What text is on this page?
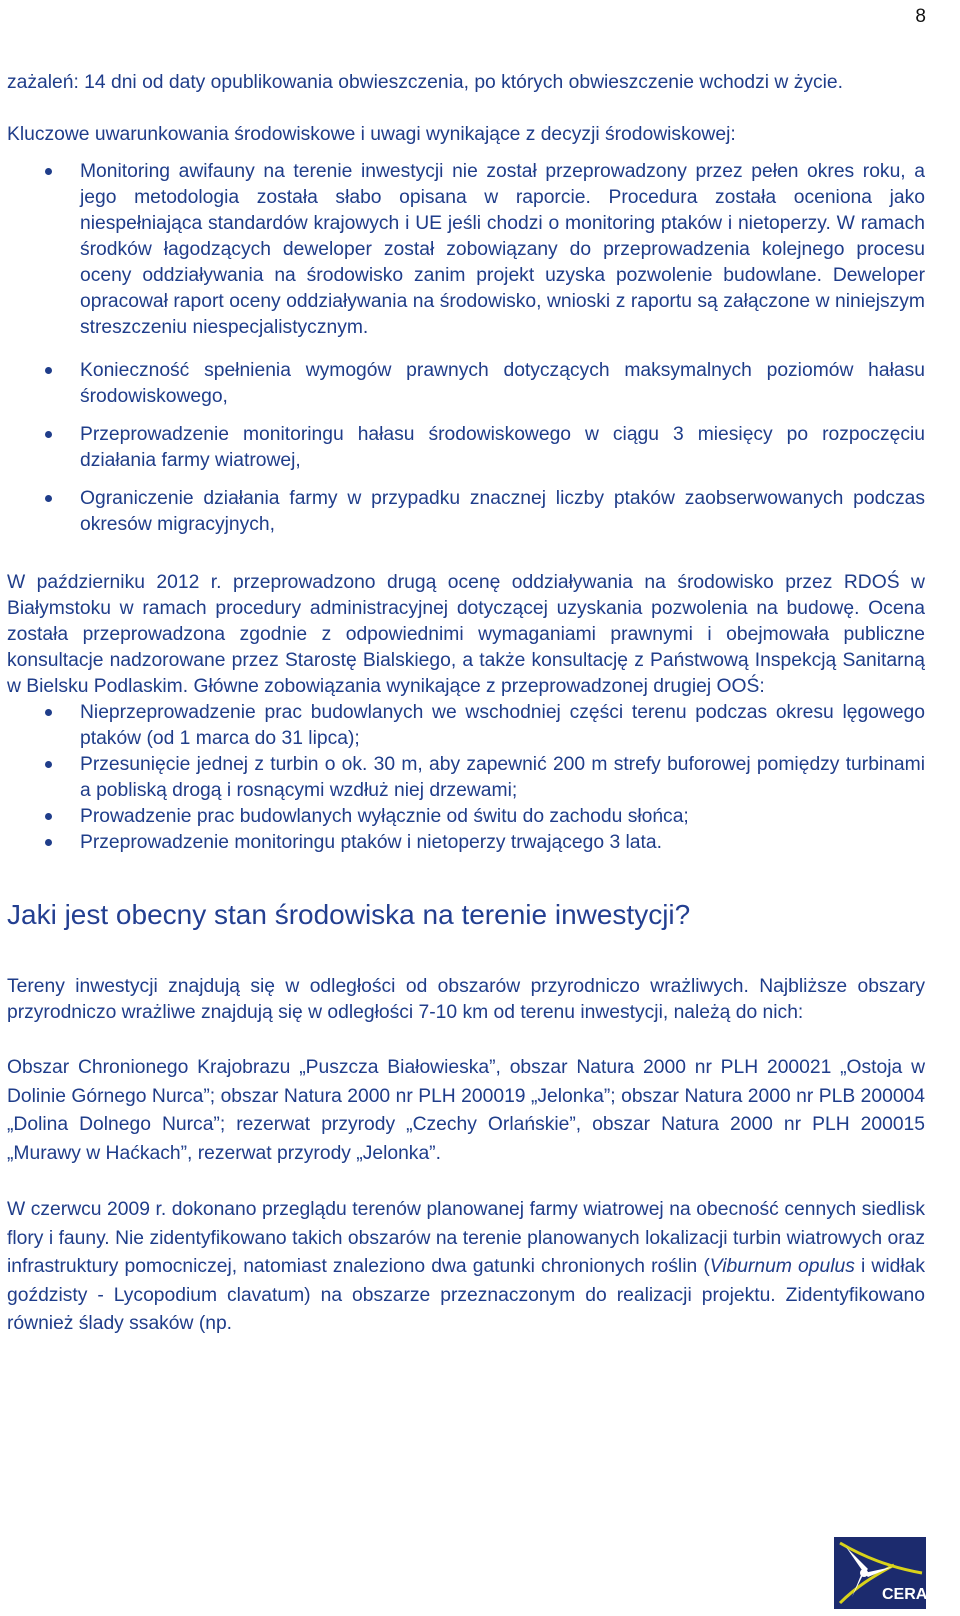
8

zażaleń: 14 dni od daty opublikowania obwieszczenia, po których obwieszczenie wchodzi w życie.

Kluczowe uwarunkowania środowiskowe i uwagi wynikające z decyzji środowiskowej:

Monitoring awifauny na terenie inwestycji nie został przeprowadzony przez pełen okres roku, a jego metodologia została słabo opisana w raporcie. Procedura została oceniona jako niespełniająca standardów krajowych i UE jeśli chodzi o monitoring ptaków i nietoperzy. W ramach środków łagodzących deweloper został zobowiązany do przeprowadzenia kolejnego procesu oceny oddziaływania na środowisko zanim projekt uzyska pozwolenie budowlane. Deweloper opracował raport oceny oddziaływania na środowisko, wnioski z raportu są załączone w niniejszym streszczeniu niespecjalistycznym.
Konieczność spełnienia wymogów prawnych dotyczących maksymalnych poziomów hałasu środowiskowego,
Przeprowadzenie monitoringu hałasu środowiskowego w ciągu 3 miesięcy po rozpoczęciu działania farmy wiatrowej,
Ograniczenie działania farmy w przypadku znacznej liczby ptaków zaobserwowanych podczas okresów migracyjnych,

W październiku 2012 r. przeprowadzono drugą ocenę oddziaływania na środowisko przez RDOŚ w Białymstoku w ramach procedury administracyjnej dotyczącej uzyskania pozwolenia na budowę. Ocena została przeprowadzona zgodnie z odpowiednimi wymaganiami prawnymi i obejmowała publiczne konsultacje nadzorowane przez Starostę Bialskiego, a także konsultację z Państwową Inspekcją Sanitarną w Bielsku Podlaskim. Główne zobowiązania wynikające z przeprowadzonej drugiej OOŚ:

Nieprzeprowadzenie prac budowlanych we wschodniej części terenu podczas okresu lęgowego ptaków (od 1 marca do 31 lipca);
Przesunięcie jednej z turbin o ok. 30 m, aby zapewnić 200 m strefy buforowej pomiędzy turbinami a pobliską drogą i rosnącymi wzdłuż niej drzewami;
Prowadzenie prac budowlanych wyłącznie od świtu do zachodu słońca;
Przeprowadzenie monitoringu ptaków i nietoperzy trwającego 3 lata.
Jaki jest obecny stan środowiska na terenie inwestycji?

Tereny inwestycji znajdują się w odległości od obszarów przyrodniczo wrażliwych. Najbliższe obszary przyrodniczo wrażliwe znajdują się w odległości 7-10 km od terenu inwestycji, należą do nich:

Obszar Chronionego Krajobrazu „Puszcza Białowieska”, obszar Natura 2000 nr PLH 200021 „Ostoja w Dolinie Górnego Nurca”; obszar Natura 2000 nr PLH 200019 „Jelonka”; obszar Natura 2000 nr PLB 200004 „Dolina Dolnego Nurca”; rezerwat przyrody „Czechy Orlańskie”, obszar Natura 2000 nr PLH 200015 „Murawy w Haćkach”, rezerwat przyrody „Jelonka”.

W czerwcu 2009 r. dokonano przeglądu terenów planowanej farmy wiatrowej na obecność cennych siedlisk flory i fauny. Nie zidentyfikowano takich obszarów na terenie planowanych lokalizacji turbin wiatrowych oraz infrastruktury pomocniczej, natomiast znaleziono dwa gatunki chronionych roślin (Viburnum opulus i widłak goździsty - Lycopodium clavatum) na obszarze przeznaczonym do realizacji projektu. Zidentyfikowano również ślady ssaków (np.

CERAC
